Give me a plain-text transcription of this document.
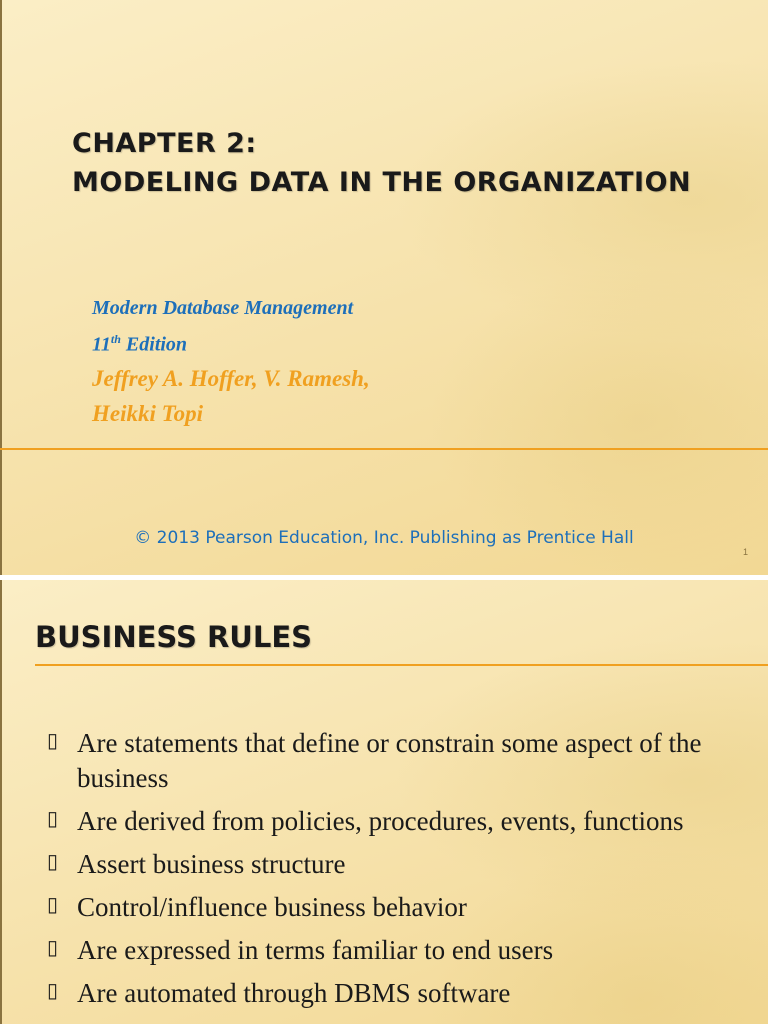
CHAPTER 2:
MODELING DATA IN THE ORGANIZATION
Modern Database Management
11th Edition
Jeffrey A. Hoffer, V. Ramesh,
Heikki Topi
© 2013 Pearson Education, Inc. Publishing as Prentice Hall
1
BUSINESS RULES
▯ Are statements that define or constrain some aspect of the business
▯ Are derived from policies, procedures, events, functions
▯ Assert business structure
▯ Control/influence business behavior
▯ Are expressed in terms familiar to end users
▯ Are automated through DBMS software
